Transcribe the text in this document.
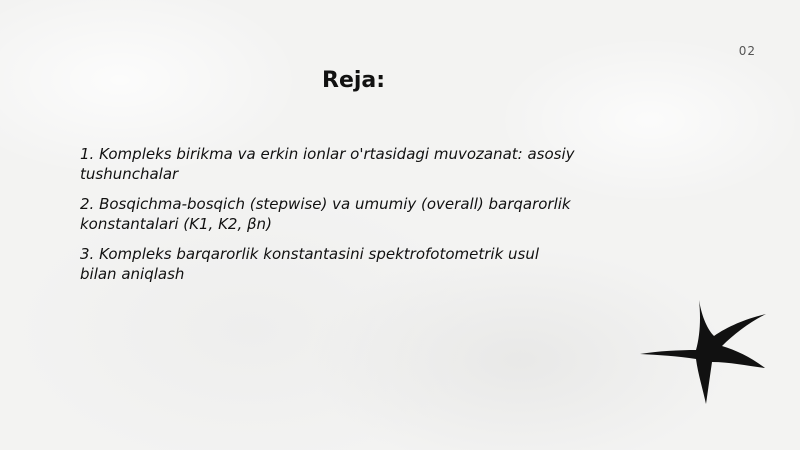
02
Reja:
1. Kompleks birikma va erkin ionlar o'rtasidagi muvozanat: asosiy tushunchalar
2. Bosqichma-bosqich (stepwise) va umumiy (overall) barqarorlik konstantalari (K1, K2, βn)
3. Kompleks barqarorlik konstantasini spektrofotometrik usul bilan aniqlash
